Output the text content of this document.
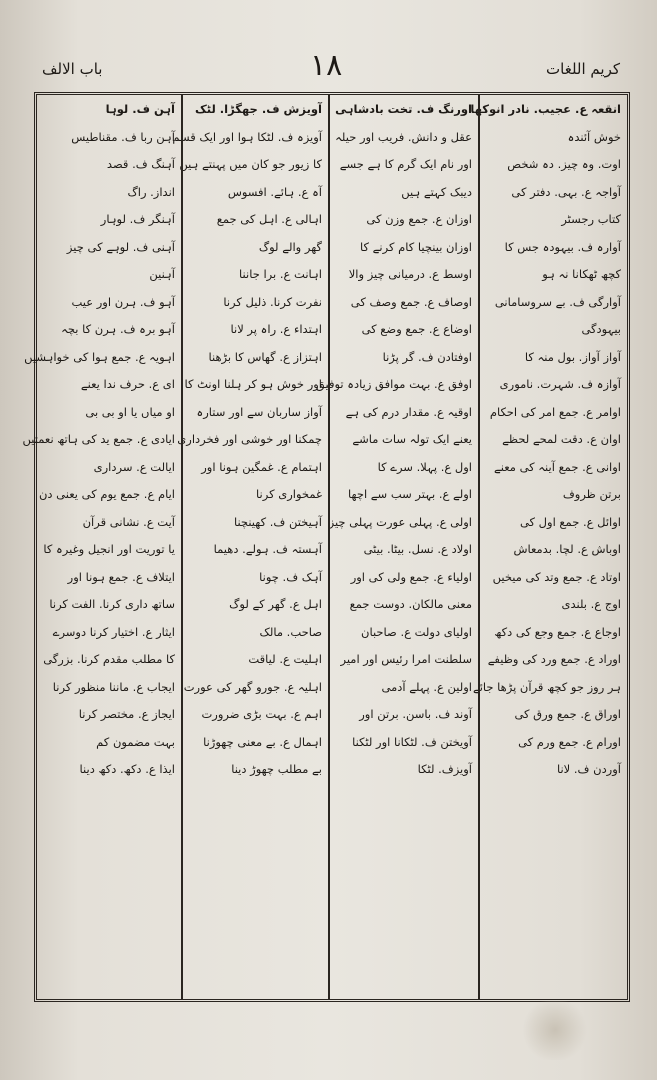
باب الالف	۱۸	کریم اللغات
انقعہ ع. عجیب. نادر انوکھا
خوش آئندہ
اوت. وہ چیز. دہ شخص
آواجہ ع. بہی. دفتر کی
کتاب رجسٹر
آوارہ ف. بیہودہ جس کا
کچھ ٹھکانا نہ ہو
آوارگی ف. بے سروسامانی
بیہودگی
آواز آواز. بول منہ کا
آوازہ ف. شہرت. ناموری
اوامر ع. جمع امر کی احکام
اوان ع. دقت لمحے لحظے
اوانی ع. جمع آینہ کی معنے
برتن ظروف
اوائل ع. جمع اول کی
اوباش ع. لچا. بدمعاش
اوتاد ع. جمع وتد کی میخیں
اوج ع. بلندی
اوجاع ع. جمع وجع کی دکھ
اوراد ع. جمع ورد کی وظیفے
ہر روز جو کچھ قرآن پڑھا جائے
اوراق ع. جمع ورق کی
اورام ع. جمع ورم کی
آوردن ف. لانا
اورنگ ف. تخت بادشاہی
عقل و دانش. فریب اور حیلہ
اور نام ایک گرم کا ہے جسے
دیبک کہتے ہیں
اوزان ع. جمع وزن کی
اوزان بینچیا کام کرنے کا
اوسط ع. درمیانی چیز والا
اوصاف ع. جمع وصف کی
اوضاع ع. جمع وضع کی
اوفتادن ف. گر پڑنا
اوفق ع. بہت موافق زیادہ توفیق
اوقیہ ع. مقدار درم کی ہے
یعنے ایک تولہ سات ماشے
اول ع. پہلا. سرے کا
اولے ع. بہتر سب سے اچھا
اولی ع. پہلی عورت پہلی چیز
اولاد ع. نسل. بیٹا. بیٹی
اولیاء ع. جمع ولی کی اور
معنی مالکان. دوست جمع
اولیای دولت ع. صاحبان
سلطنت امرا رئیس اور امیر
اولین ع. پہلے آدمی
آوند ف. باسن. برتن اور
آویختن ف. لٹکانا اور لٹکنا
آویزف. لٹکا
آویزش ف. جھگڑا. لٹک
آویزہ ف. لٹکا ہوا اور ایک قسم
کا زیور جو کان میں پہنتے ہیں
آہ ع. ہائے. افسوس
اہالی ع. اہل کی جمع
گھر والے لوگ
اہانت ع. برا جاننا
نفرت کرنا. ذلیل کرنا
اہتداء ع. راہ پر لانا
اہتزاز ع. گھاس کا بڑھنا
اور خوش ہو کر ہلنا اونٹ کا
آواز ساربان سے اور ستارہ
چمکنا اور خوشی اور فخرداری
اہتمام ع. غمگین ہونا اور
غمخواری کرنا
آہیختن ف. کھینچنا
آہستہ ف. ہولے. دھیما
آہک ف. چونا
اہل ع. گھر کے لوگ
صاحب. مالک
اہلیت ع. لیاقت
اہلیہ ع. جورو گھر کی عورت
اہم ع. بہت بڑی ضرورت
اہمال ع. بے معنی چھوڑنا
بے مطلب چھوڑ دینا
آہن ف. لوہا
آہن ربا ف. مقناطیس
آہنگ ف. قصد
انداز. راگ
آہنگر ف. لوہار
آہنی ف. لوہے کی چیز
آہنین
آہو ف. ہرن اور عیب
آہو برہ ف. ہرن کا بچہ
اہویہ ع. جمع ہوا کی خواہشیں
ای ع. حرف ندا یعنے
او میاں یا او بی بی
ایادی ع. جمع ید کی ہاتھ نعمتیں
ایالت ع. سرداری
ایام ع. جمع یوم کی یعنی دن
آیت ع. نشانی قرآن
یا توریت اور انجیل وغیرہ کا
ایتلاف ع. جمع ہونا اور
ساتھ داری کرنا. الفت کرنا
ایثار ع. اختیار کرنا دوسرے
کا مطلب مقدم کرنا. بزرگی
ایجاب ع. ماننا منظور کرنا
ایجاز ع. مختصر کرنا
بہت مضمون کم
ایذا ع. دکھ. دکھ دینا
